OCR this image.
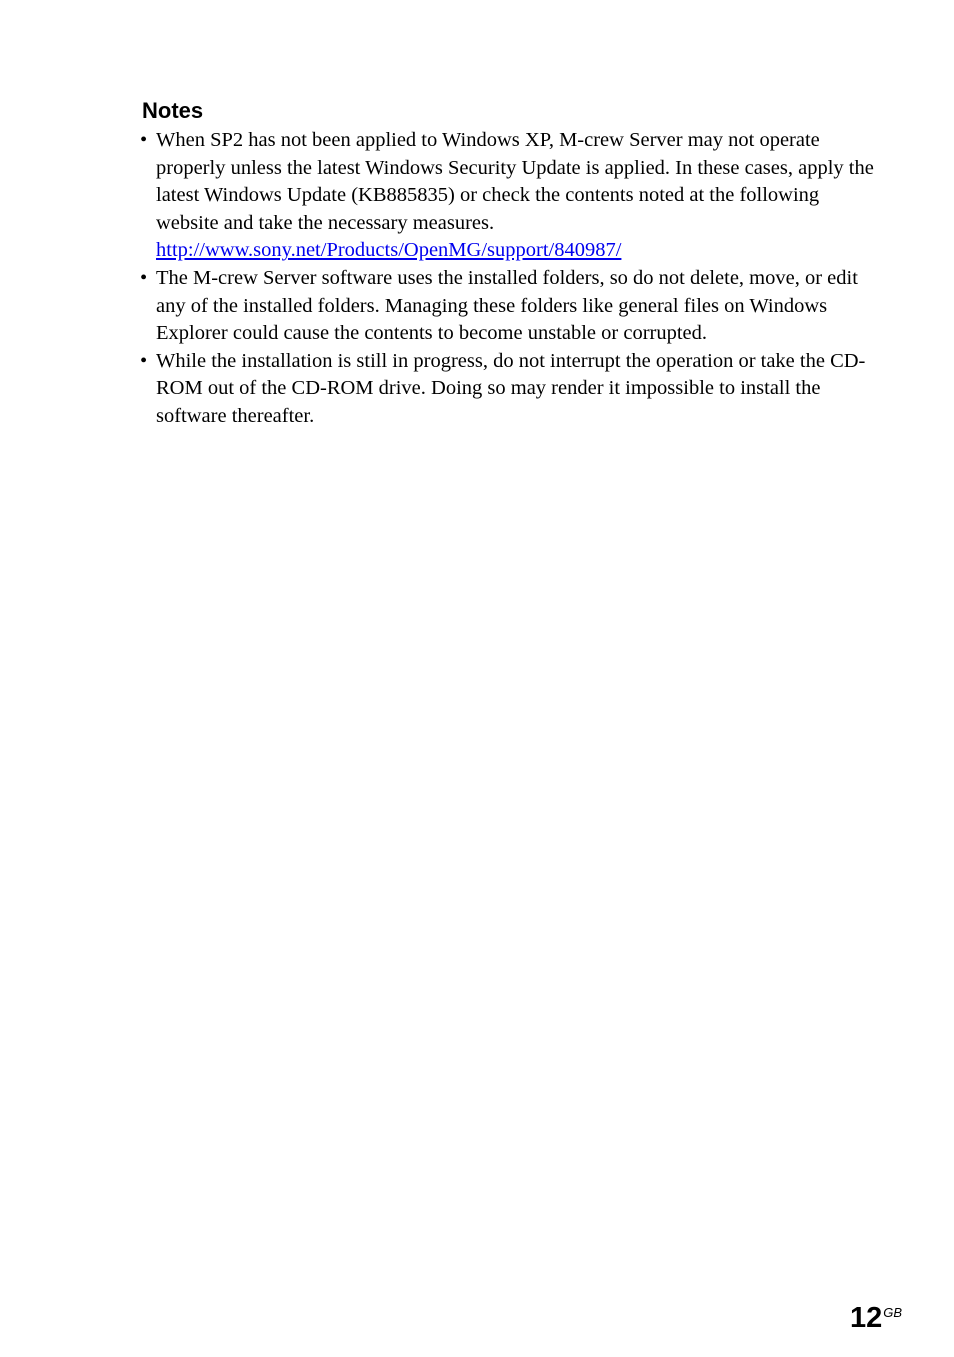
Notes
• When SP2 has not been applied to Windows XP, M-crew Server may not operate properly unless the latest Windows Security Update is applied. In these cases, apply the latest Windows Update (KB885835) or check the contents noted at the following website and take the necessary measures.
http://www.sony.net/Products/OpenMG/support/840987/
• The M-crew Server software uses the installed folders, so do not delete, move, or edit any of the installed folders. Managing these folders like general files on Windows Explorer could cause the contents to become unstable or corrupted.
• While the installation is still in progress, do not interrupt the operation or take the CD-ROM out of the CD-ROM drive. Doing so may render it impossible to install the software thereafter.
$12^{GB}$
